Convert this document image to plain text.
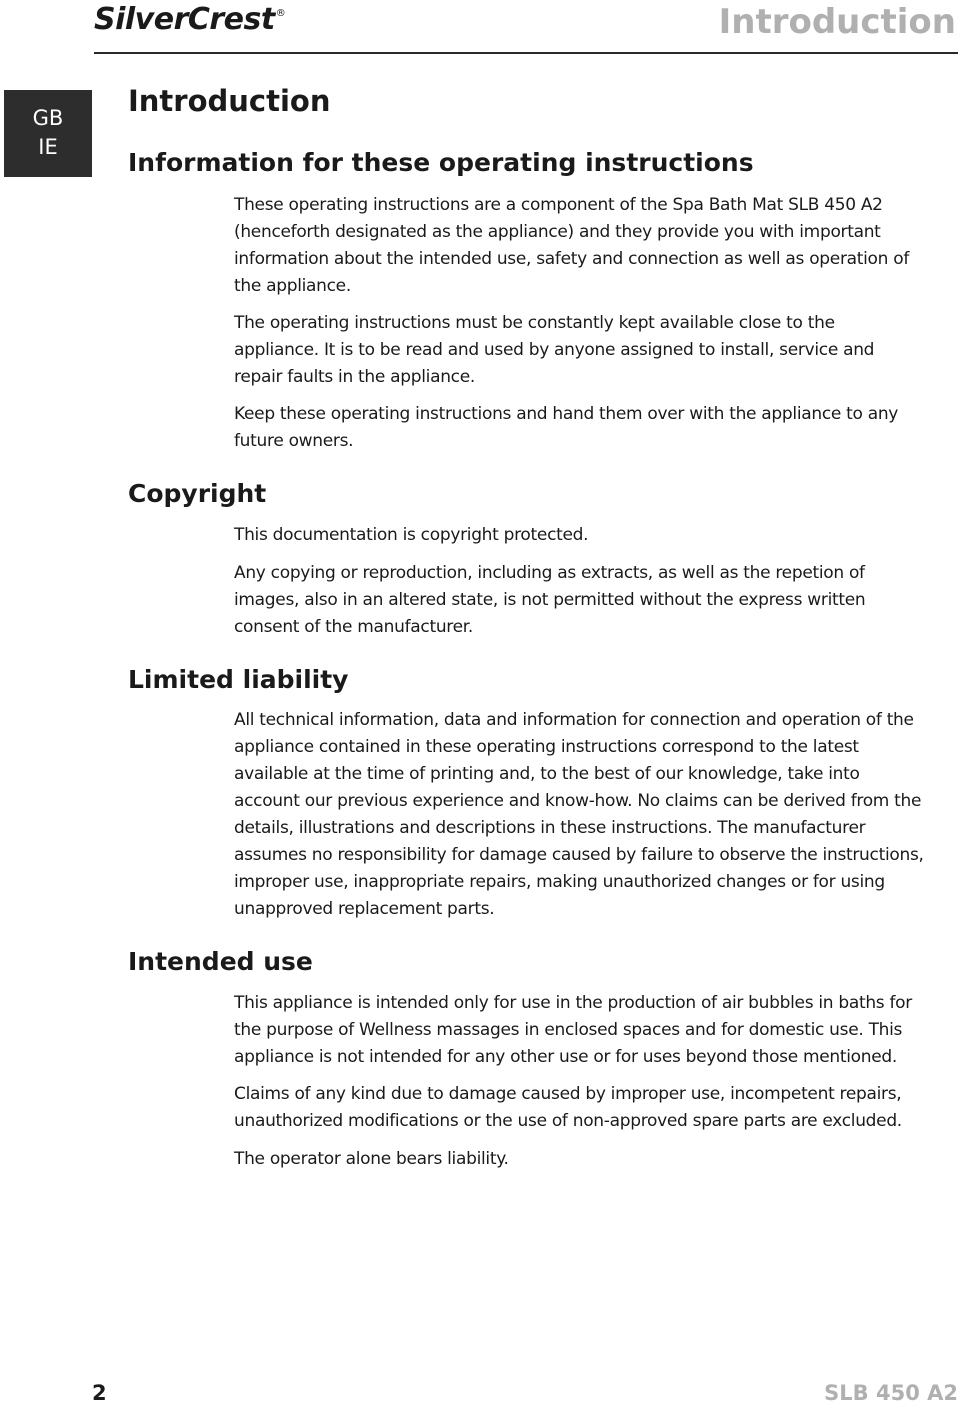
SilverCrest®	Introduction
GB
IE
Introduction
Information for these operating instructions

These operating instructions are a component of the Spa Bath Mat SLB 450 A2 (henceforth designated as the appliance) and they provide you with important information about the intended use, safety and connection as well as operation of the appliance.

The operating instructions must be constantly kept available close to the appliance. It is to be read and used by anyone assigned to install, service and repair faults in the appliance.

Keep these operating instructions and hand them over with the appliance to any future owners.

Copyright

This documentation is copyright protected.

Any copying or reproduction, including as extracts, as well as the repetion of images, also in an altered state, is not permitted without the express written consent of the manufacturer.

Limited liability

All technical information, data and information for connection and operation of the appliance contained in these operating instructions correspond to the latest available at the time of printing and, to the best of our knowledge, take into account our previous experience and know-how. No claims can be derived from the details, illustrations and descriptions in these instructions. The manufacturer assumes no responsibility for damage caused by failure to observe the instructions, improper use, inappropriate repairs, making unauthorized changes or for using unapproved replacement parts.

Intended use

This appliance is intended only for use in the production of air bubbles in baths for the purpose of Wellness massages in enclosed spaces and for domestic use. This appliance is not intended for any other use or for uses beyond those mentioned.

Claims of any kind due to damage caused by improper use, incompetent repairs, unauthorized modifications or the use of non-approved spare parts are excluded.

The operator alone bears liability.

2	SLB 450 A2
